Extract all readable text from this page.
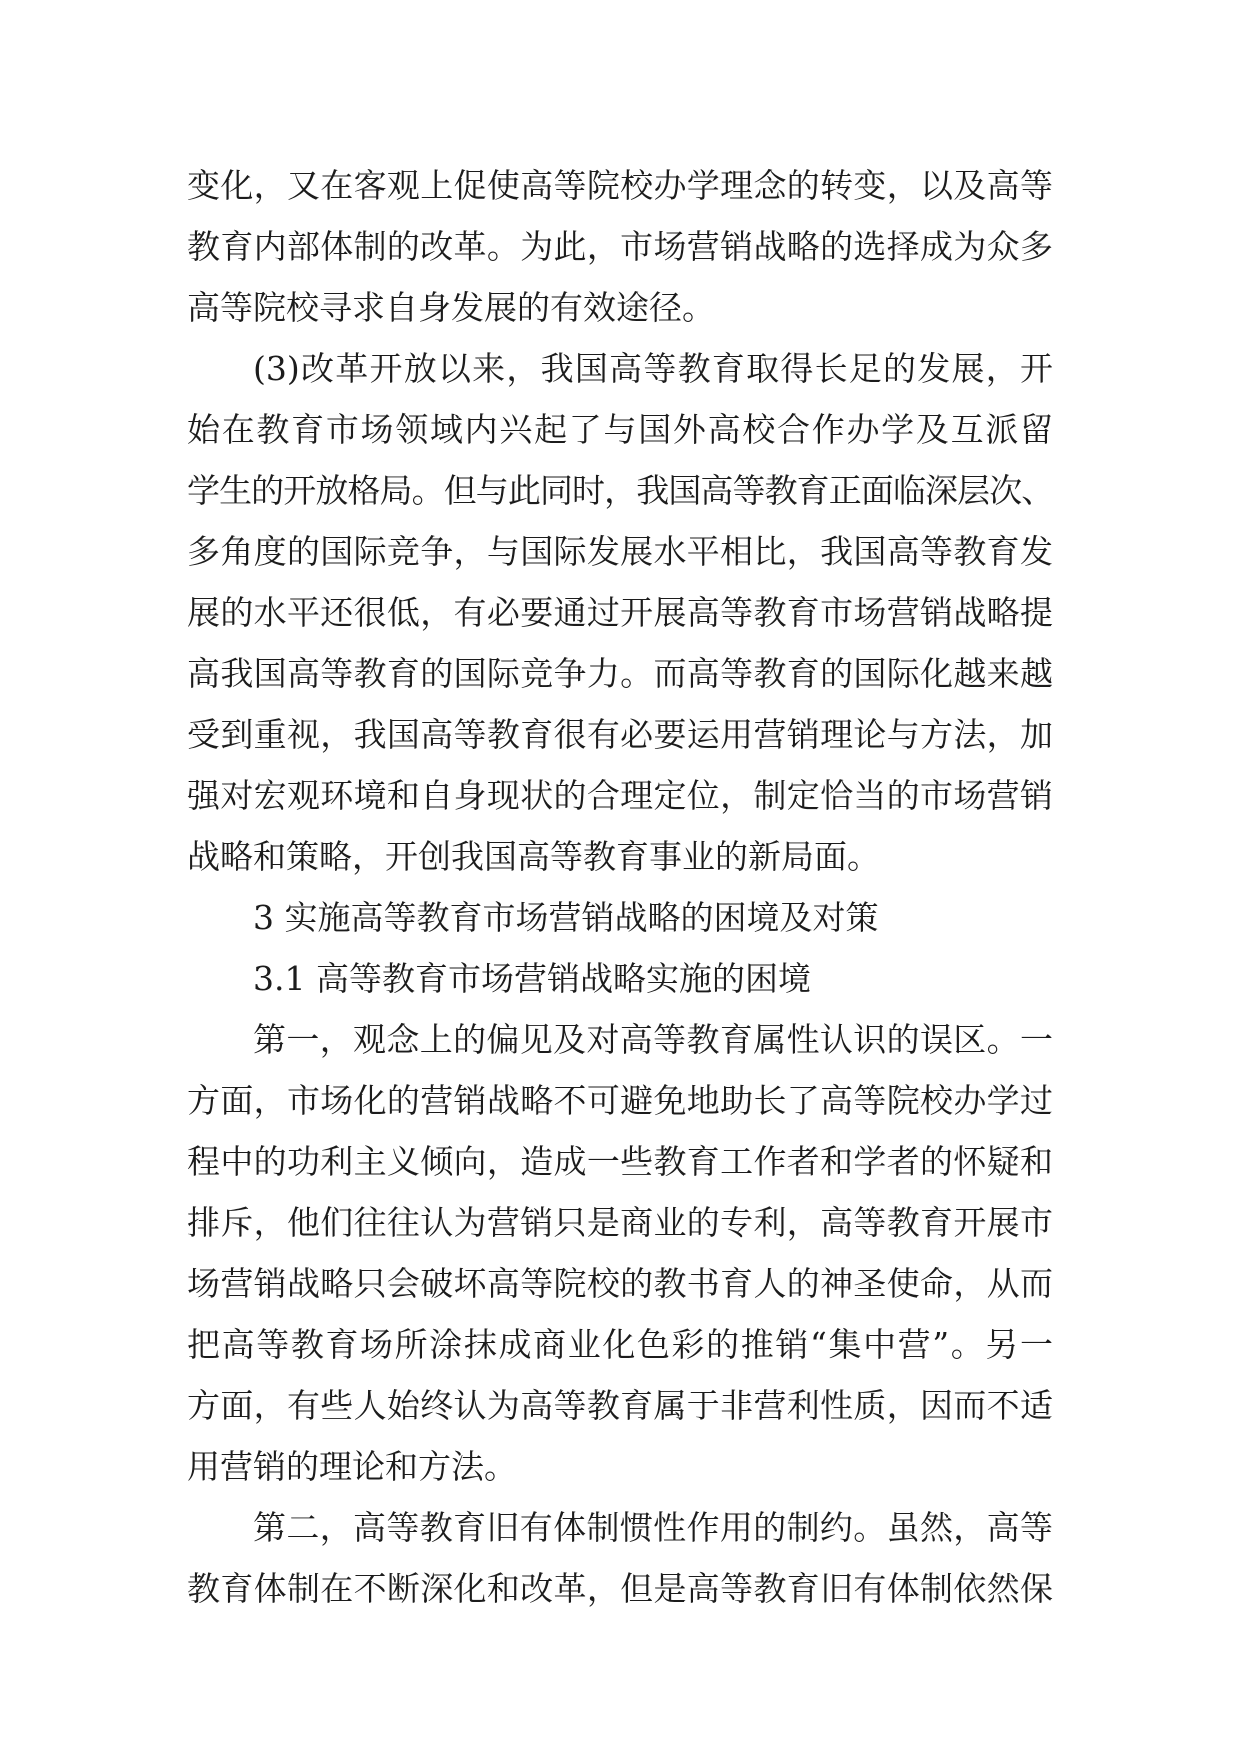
变化，又在客观上促使高等院校办学理念的转变，以及高等
教育内部体制的改革。为此，市场营销战略的选择成为众多
高等院校寻求自身发展的有效途径。
(3)改革开放以来，我国高等教育取得长足的发展，开
始在教育市场领域内兴起了与国外高校合作办学及互派留
学生的开放格局。但与此同时，我国高等教育正面临深层次、
多角度的国际竞争，与国际发展水平相比，我国高等教育发
展的水平还很低，有必要通过开展高等教育市场营销战略提
高我国高等教育的国际竞争力。而高等教育的国际化越来越
受到重视，我国高等教育很有必要运用营销理论与方法，加
强对宏观环境和自身现状的合理定位，制定恰当的市场营销
战略和策略，开创我国高等教育事业的新局面。
3 实施高等教育市场营销战略的困境及对策
3.1 高等教育市场营销战略实施的困境
第一，观念上的偏见及对高等教育属性认识的误区。一
方面，市场化的营销战略不可避免地助长了高等院校办学过
程中的功利主义倾向，造成一些教育工作者和学者的怀疑和
排斥，他们往往认为营销只是商业的专利，高等教育开展市
场营销战略只会破坏高等院校的教书育人的神圣使命，从而
把高等教育场所涂抹成商业化色彩的推销“集中营”。另一
方面，有些人始终认为高等教育属于非营利性质，因而不适
用营销的理论和方法。
第二，高等教育旧有体制惯性作用的制约。虽然，高等
教育体制在不断深化和改革，但是高等教育旧有体制依然保
